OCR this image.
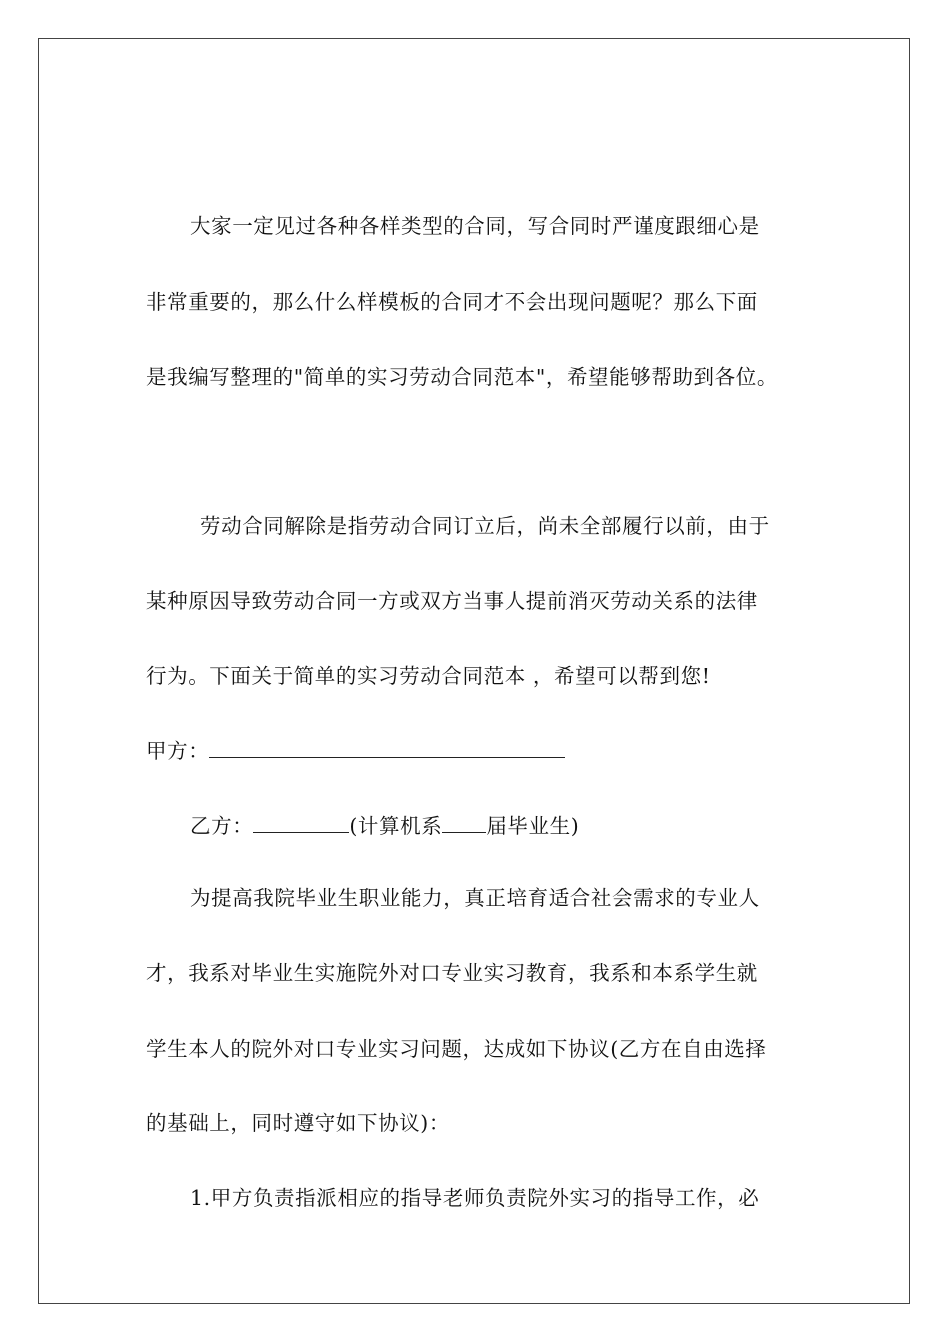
大家一定见过各种各样类型的合同，写合同时严谨度跟细心是
非常重要的，那么什么样模板的合同才不会出现问题呢？那么下面
是我编写整理的"简单的实习劳动合同范本"，希望能够帮助到各位。
劳动合同解除是指劳动合同订立后，尚未全部履行以前，由于
某种原因导致劳动合同一方或双方当事人提前消灭劳动关系的法律
行为。下面关于简单的实习劳动合同范本 ，希望可以帮到您!
甲方：
乙方：	(计算机系 届毕业生)
为提高我院毕业生职业能力，真正培育适合社会需求的专业人
才，我系对毕业生实施院外对口专业实习教育，我系和本系学生就
学生本人的院外对口专业实习问题，达成如下协议(乙方在自由选择
的基础上，同时遵守如下协议)：
1.甲方负责指派相应的指导老师负责院外实习的指导工作，必
